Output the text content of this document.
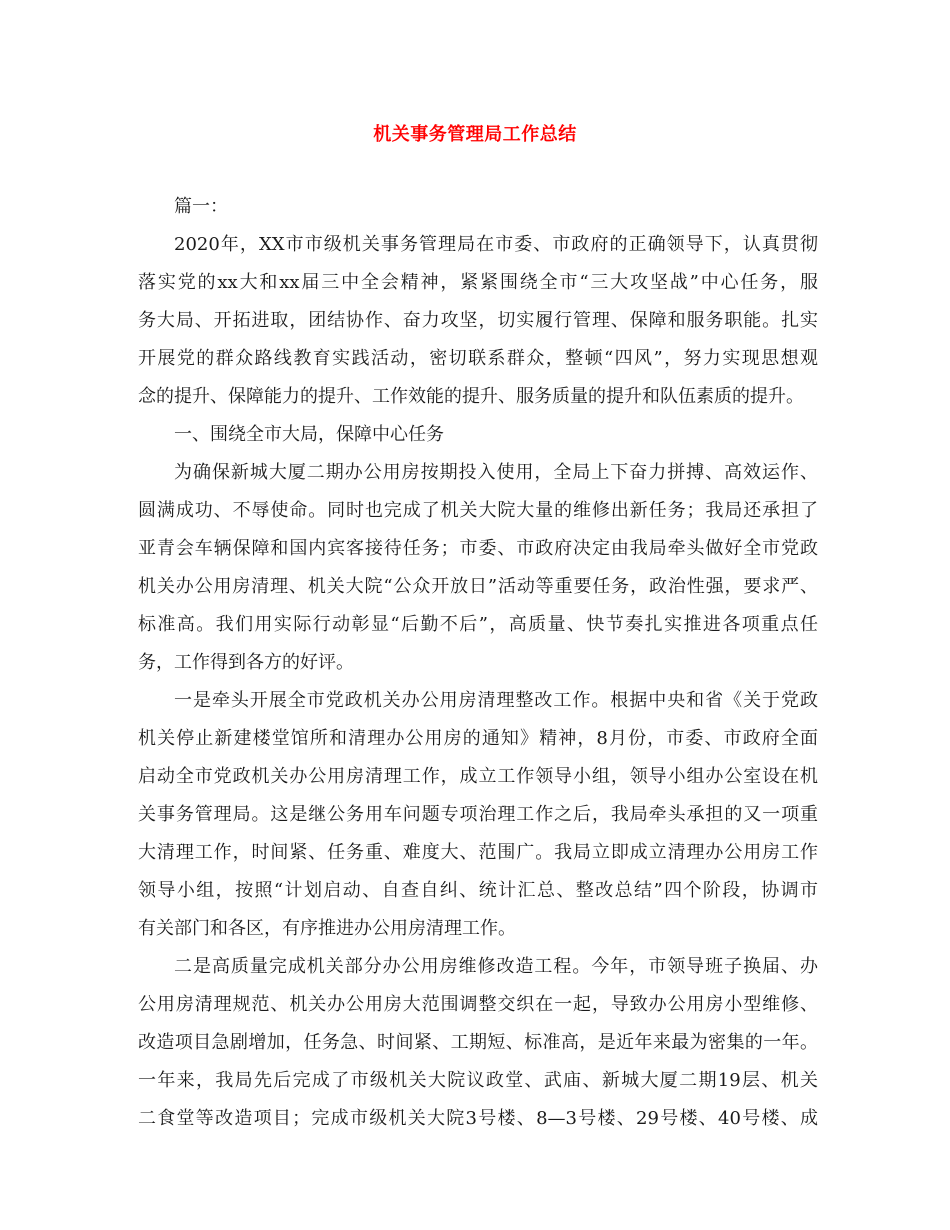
机关事务管理局工作总结
篇一：
2020年，XX市市级机关事务管理局在市委、市政府的正确领导下，认真贯彻
落实党的xx大和xx届三中全会精神，紧紧围绕全市“三大攻坚战”中心任务，服
务大局、开拓进取，团结协作、奋力攻坚，切实履行管理、保障和服务职能。扎实
开展党的群众路线教育实践活动，密切联系群众，整顿“四风”，努力实现思想观
念的提升、保障能力的提升、工作效能的提升、服务质量的提升和队伍素质的提升。
一、围绕全市大局，保障中心任务
为确保新城大厦二期办公用房按期投入使用，全局上下奋力拼搏、高效运作、
圆满成功、不辱使命。同时也完成了机关大院大量的维修出新任务；我局还承担了
亚青会车辆保障和国内宾客接待任务；市委、市政府决定由我局牵头做好全市党政
机关办公用房清理、机关大院“公众开放日”活动等重要任务，政治性强，要求严、
标准高。我们用实际行动彰显“后勤不后”，高质量、快节奏扎实推进各项重点任
务，工作得到各方的好评。
一是牵头开展全市党政机关办公用房清理整改工作。根据中央和省《关于党政
机关停止新建楼堂馆所和清理办公用房的通知》精神，8月份，市委、市政府全面
启动全市党政机关办公用房清理工作，成立工作领导小组，领导小组办公室设在机
关事务管理局。这是继公务用车问题专项治理工作之后，我局牵头承担的又一项重
大清理工作，时间紧、任务重、难度大、范围广。我局立即成立清理办公用房工作
领导小组，按照“计划启动、自查自纠、统计汇总、整改总结”四个阶段，协调市
有关部门和各区，有序推进办公用房清理工作。
二是高质量完成机关部分办公用房维修改造工程。今年，市领导班子换届、办
公用房清理规范、机关办公用房大范围调整交织在一起，导致办公用房小型维修、
改造项目急剧增加，任务急、时间紧、工期短、标准高，是近年来最为密集的一年。
一年来，我局先后完成了市级机关大院议政堂、武庙、新城大厦二期19层、机关
二食堂等改造项目；完成市级机关大院3号楼、8—3号楼、29号楼、40号楼、成
